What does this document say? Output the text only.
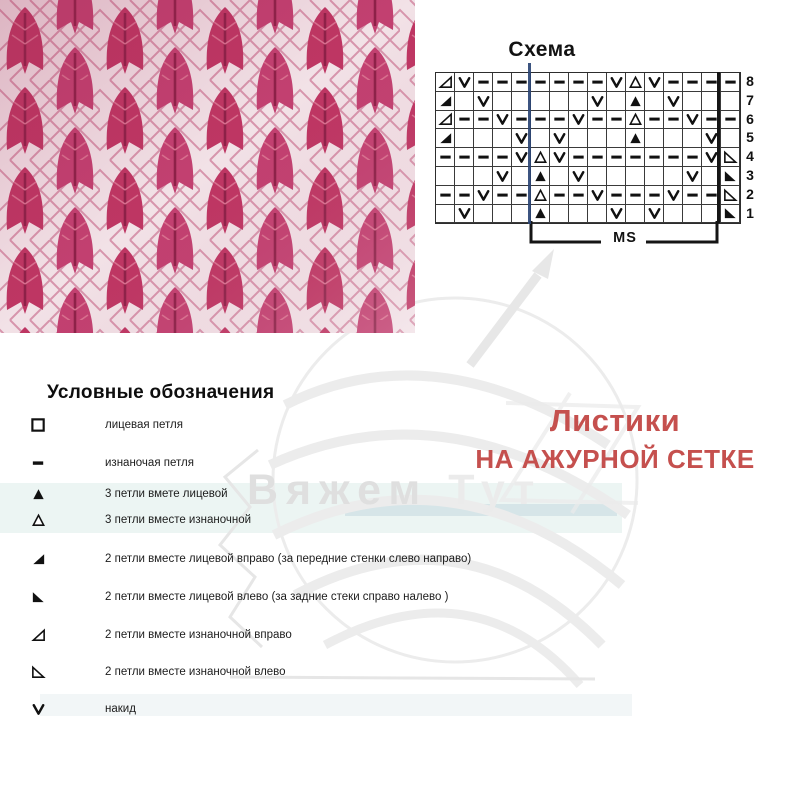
Вяжем Тут
Схема
8
7
6
5
4
3
2
1
MS
Листики
НА АЖУРНОЙ СЕТКЕ
Условные обозначения
лицевая петля
изнаночая петля
3 петли вмете лицевой
3 петли вместе изнаночной
2 петли вместе лицевой вправо (за передние стенки слево направо)
2 петли вместе лицевой влево (за задние стеки справо налево )
2 петли вместе изнаночной вправо
2 петли вместе изнаночной влево
накид
